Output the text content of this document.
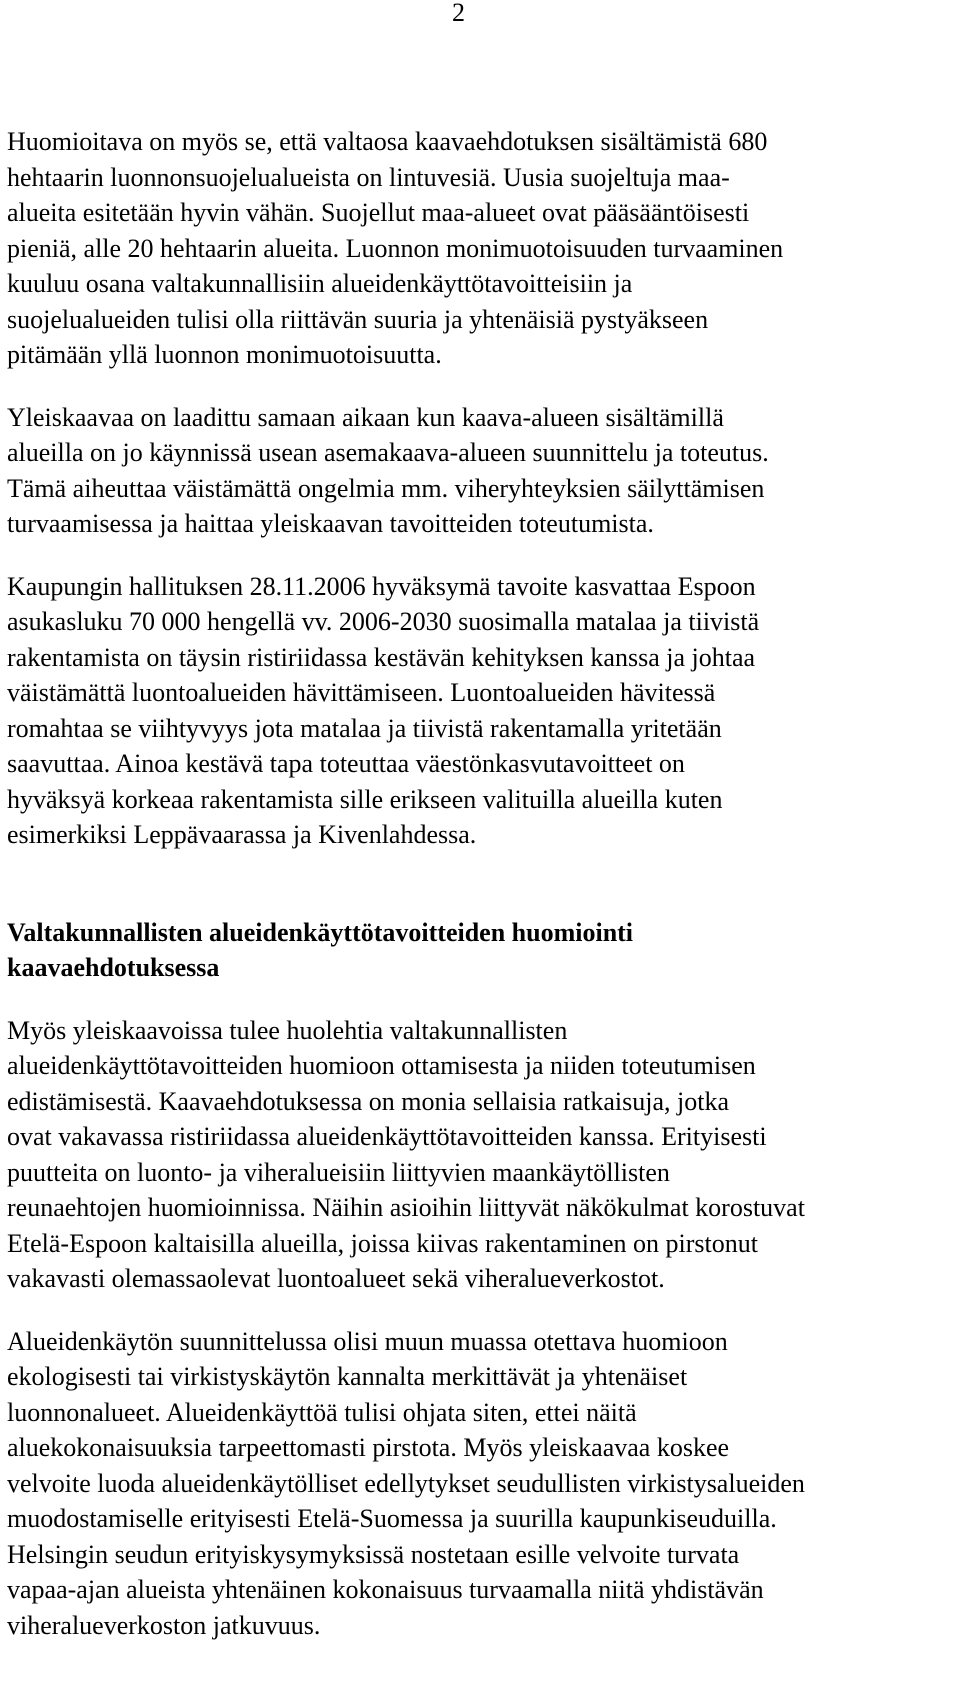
2
Huomioitava on myös se, että valtaosa kaavaehdotuksen sisältämistä 680
hehtaarin luonnonsuojelualueista on lintuvesiä. Uusia suojeltuja maa-
alueita esitetään hyvin vähän. Suojellut maa-alueet ovat pääsääntöisesti
pieniä, alle 20 hehtaarin alueita. Luonnon monimuotoisuuden turvaaminen
kuuluu osana valtakunnallisiin alueidenkäyttötavoitteisiin ja
suojelualueiden tulisi olla riittävän suuria ja yhtenäisiä pystyäkseen
pitämään yllä luonnon monimuotoisuutta.
Yleiskaavaa on laadittu samaan aikaan kun kaava-alueen sisältämillä
alueilla on jo käynnissä usean asemakaava-alueen suunnittelu ja toteutus.
Tämä aiheuttaa väistämättä ongelmia mm. viheryhteyksien säilyttämisen
turvaamisessa ja haittaa yleiskaavan tavoitteiden toteutumista.
Kaupungin hallituksen 28.11.2006 hyväksymä tavoite kasvattaa Espoon
asukasluku 70 000 hengellä vv. 2006-2030 suosimalla matalaa ja tiivistä
rakentamista on täysin ristiriidassa kestävän kehityksen kanssa ja johtaa
väistämättä luontoalueiden hävittämiseen. Luontoalueiden hävitessä
romahtaa se viihtyvyys jota matalaa ja tiivistä rakentamalla yritetään
saavuttaa. Ainoa kestävä tapa toteuttaa väestönkasvutavoitteet on
hyväksyä korkeaa rakentamista sille erikseen valituilla alueilla kuten
esimerkiksi Leppävaarassa ja Kivenlahdessa.
Valtakunnallisten alueidenkäyttötavoitteiden huomiointi
kaavaehdotuksessa
Myös yleiskaavoissa tulee huolehtia valtakunnallisten
alueidenkäyttötavoitteiden huomioon ottamisesta ja niiden toteutumisen
edistämisestä. Kaavaehdotuksessa on monia sellaisia ratkaisuja, jotka
ovat vakavassa ristiriidassa alueidenkäyttötavoitteiden kanssa. Erityisesti
puutteita on luonto- ja viheralueisiin liittyvien maankäytöllisten
reunaehtojen huomioinnissa. Näihin asioihin liittyvät näkökulmat korostuvat
Etelä-Espoon kaltaisilla alueilla, joissa kiivas rakentaminen on pirstonut
vakavasti olemassaolevat luontoalueet sekä viheralueverkostot.
Alueidenkäytön suunnittelussa olisi muun muassa otettava huomioon
ekologisesti tai virkistyskäytön kannalta merkittävät ja yhtenäiset
luonnonalueet. Alueidenkäyttöä tulisi ohjata siten, ettei näitä
aluekokonaisuuksia tarpeettomasti pirstota. Myös yleiskaavaa koskee
velvoite luoda alueidenkäytölliset edellytykset seudullisten virkistysalueiden
muodostamiselle erityisesti Etelä-Suomessa ja suurilla kaupunkiseuduilla.
Helsingin seudun erityiskysymyksissä nostetaan esille velvoite turvata
vapaa-ajan alueista yhtenäinen kokonaisuus turvaamalla niitä yhdistävän
viheralueverkoston jatkuvuus.
